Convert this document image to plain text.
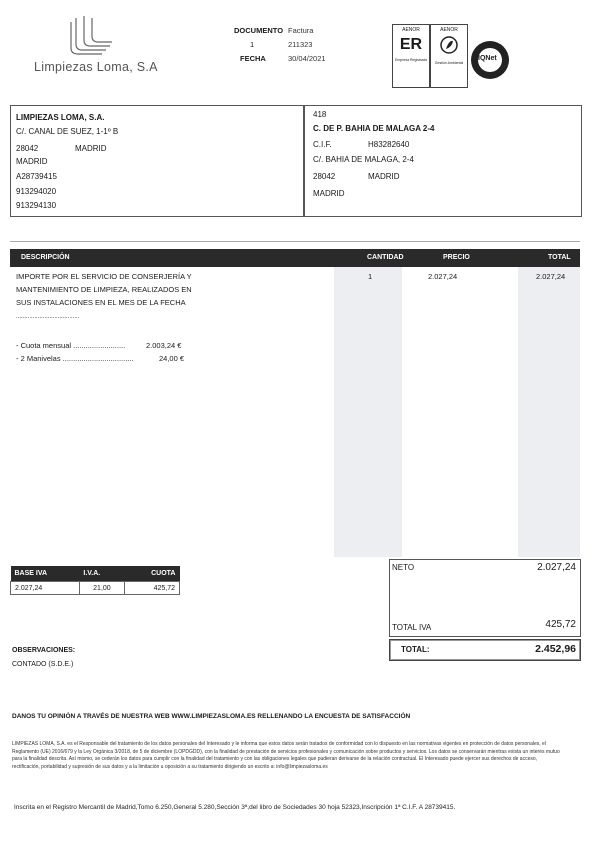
Limpiezas Loma, S.A
DOCUMENTO Factura
1	211323
FECHA	30/04/2021
AENOR
ER
Empresa Registrada
AENOR
Gestión Ambiental
IQNet
LIMPIEZAS LOMA, S.A.
C/. CANAL DE SUEZ, 1-1º B
28042	MADRID
MADRID
A28739415
913294020
913294130
418
C. DE P. BAHIA DE MALAGA 2-4
C.I.F.	H83282640
C/. BAHIA DE MALAGA, 2-4
28042	MADRID
MADRID
DESCRIPCIÓN	CANTIDAD	PRECIO	TOTAL
IMPORTE POR EL SERVICIO DE CONSERJERÍA Y
MANTENIMIENTO DE LIMPIEZA, REALIZADOS EN
SUS INSTALACIONES EN EL MES DE LA FECHA
......................................
1	2.027,24	2.027,24
- Cuota mensual .........................	2.003,24 €
- 2 Manivelas ..................................	24,00 €
BASE IVA	I.V.A.	CUOTA
2.027,24	21,00	425,72
NETO	2.027,24
TOTAL IVA	425,72
TOTAL:	2.452,96
OBSERVACIONES:
CONTADO (S.D.E.)
DANOS TU OPINIÓN A TRAVÉS DE NUESTRA WEB WWW.LIMPIEZASLOMA.ES RELLENANDO LA ENCUESTA DE SATISFACCIÓN
LIMPIEZAS LOMA, S.A. es el Responsable del tratamiento de los datos personales del Interesado y le informa que estos datos serán tratados de conformidad con lo dispuesto en las normativas vigentes en protección de datos personales, el Reglamento (UE) 2016/679 y la Ley Orgánica 3/2018, de 5 de diciembre (LOPDGDD), con la finalidad de prestación de servicios profesionales y comunicación sobre productos y servicios. Los datos se conservarán mientras exista un interés mutuo para la finalidad descrita. Así mismo, se cederán los datos para cumplir con la finalidad del tratamiento y con las obligaciones legales que pudieran derivarse de la relación contractual. El Interesado puede ejercer sus derechos de acceso, rectificación, portabilidad y supresión de sus datos y a la limitación u oposición a su tratamiento dirigiendo un escrito a: info@limpiezasloma.es
Inscrita en el Registro Mercantil de Madrid,Tomo 6.250,General 5.280,Sección 3ª,del libro de Sociedades 30 hoja 52323,Inscripción 1ª C.I.F. A 28739415.
